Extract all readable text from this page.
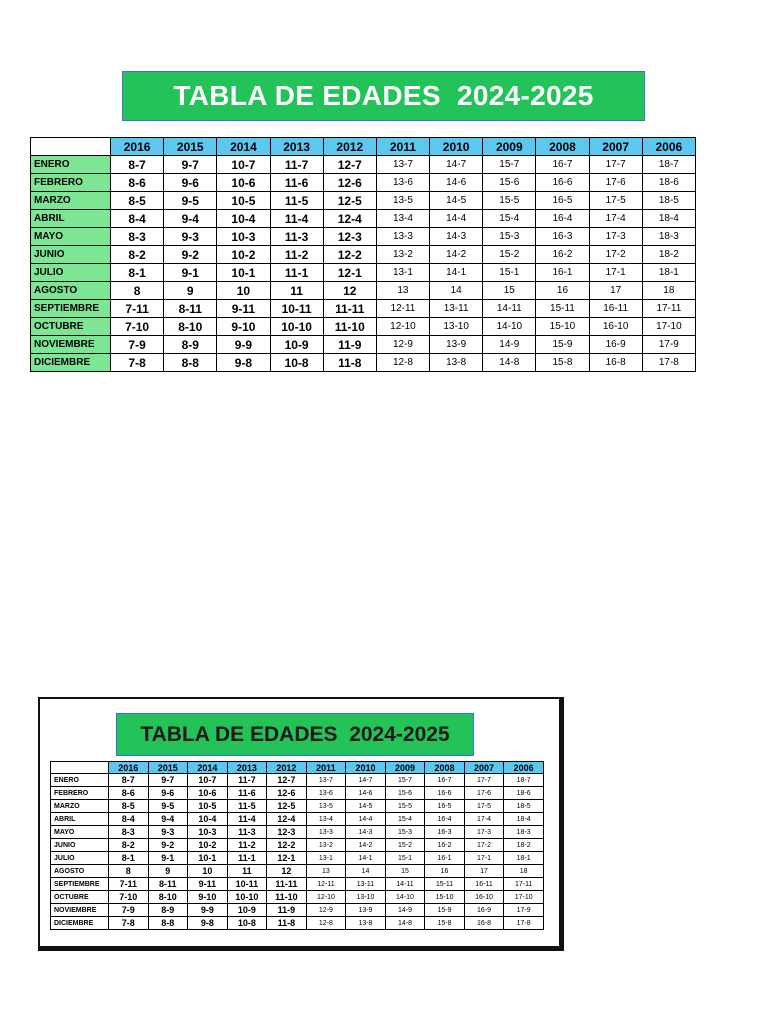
TABLA DE EDADES  2024-2025
	2016	2015	2014	2013	2012	2011	2010	2009	2008	2007	2006
ENERO	8-7	9-7	10-7	11-7	12-7	13-7	14-7	15-7	16-7	17-7	18-7
FEBRERO	8-6	9-6	10-6	11-6	12-6	13-6	14-6	15-6	16-6	17-6	18-6
MARZO	8-5	9-5	10-5	11-5	12-5	13-5	14-5	15-5	16-5	17-5	18-5
ABRIL	8-4	9-4	10-4	11-4	12-4	13-4	14-4	15-4	16-4	17-4	18-4
MAYO	8-3	9-3	10-3	11-3	12-3	13-3	14-3	15-3	16-3	17-3	18-3
JUNIO	8-2	9-2	10-2	11-2	12-2	13-2	14-2	15-2	16-2	17-2	18-2
JULIO	8-1	9-1	10-1	11-1	12-1	13-1	14-1	15-1	16-1	17-1	18-1
AGOSTO	8	9	10	11	12	13	14	15	16	17	18
SEPTIEMBRE	7-11	8-11	9-11	10-11	11-11	12-11	13-11	14-11	15-11	16-11	17-11
OCTUBRE	7-10	8-10	9-10	10-10	11-10	12-10	13-10	14-10	15-10	16-10	17-10
NOVIEMBRE	7-9	8-9	9-9	10-9	11-9	12-9	13-9	14-9	15-9	16-9	17-9
DICIEMBRE	7-8	8-8	9-8	10-8	11-8	12-8	13-8	14-8	15-8	16-8	17-8
TABLA DE EDADES  2024-2025
	2016	2015	2014	2013	2012	2011	2010	2009	2008	2007	2006
ENERO	8-7	9-7	10-7	11-7	12-7	13-7	14-7	15-7	16-7	17-7	18-7
FEBRERO	8-6	9-6	10-6	11-6	12-6	13-6	14-6	15-6	16-6	17-6	18-6
MARZO	8-5	9-5	10-5	11-5	12-5	13-5	14-5	15-5	16-5	17-5	18-5
ABRIL	8-4	9-4	10-4	11-4	12-4	13-4	14-4	15-4	16-4	17-4	18-4
MAYO	8-3	9-3	10-3	11-3	12-3	13-3	14-3	15-3	16-3	17-3	18-3
JUNIO	8-2	9-2	10-2	11-2	12-2	13-2	14-2	15-2	16-2	17-2	18-2
JULIO	8-1	9-1	10-1	11-1	12-1	13-1	14-1	15-1	16-1	17-1	18-1
AGOSTO	8	9	10	11	12	13	14	15	16	17	18
SEPTIEMBRE	7-11	8-11	9-11	10-11	11-11	12-11	13-11	14-11	15-11	16-11	17-11
OCTUBRE	7-10	8-10	9-10	10-10	11-10	12-10	13-10	14-10	15-10	16-10	17-10
NOVIEMBRE	7-9	8-9	9-9	10-9	11-9	12-9	13-9	14-9	15-9	16-9	17-9
DICIEMBRE	7-8	8-8	9-8	10-8	11-8	12-8	13-8	14-8	15-8	16-8	17-8
